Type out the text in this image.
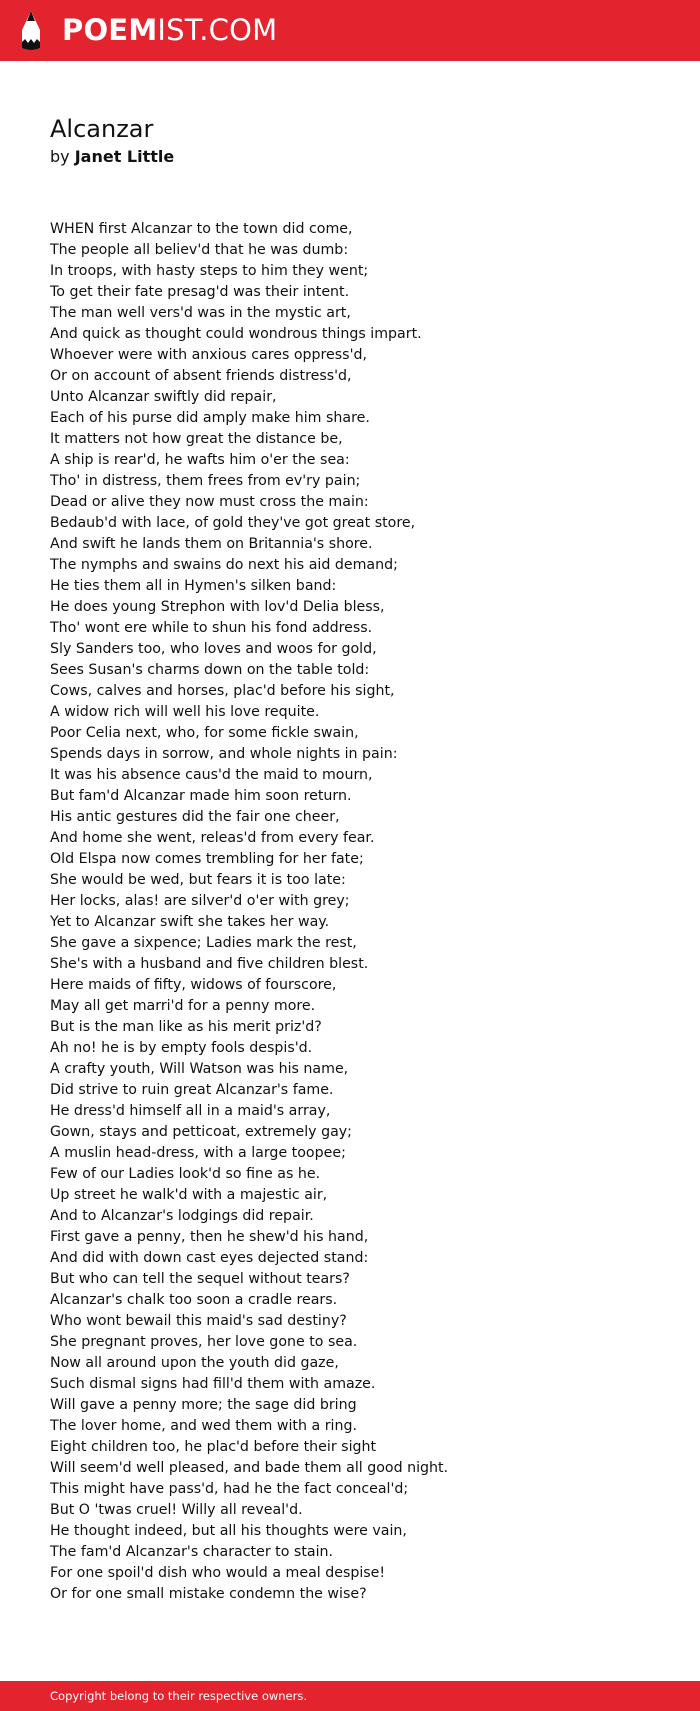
POEMIST.COM
Alcanzar
by Janet Little
WHEN first Alcanzar to the town did come,
The people all believ'd that he was dumb:
In troops, with hasty steps to him they went;
To get their fate presag'd was their intent.
The man well vers'd was in the mystic art,
And quick as thought could wondrous things impart.
Whoever were with anxious cares oppress'd,
Or on account of absent friends distress'd,
Unto Alcanzar swiftly did repair,
Each of his purse did amply make him share.
It matters not how great the distance be,
A ship is rear'd, he wafts him o'er the sea:
Tho' in distress, them frees from ev'ry pain;
Dead or alive they now must cross the main:
Bedaub'd with lace, of gold they've got great store,
And swift he lands them on Britannia's shore.
The nymphs and swains do next his aid demand;
He ties them all in Hymen's silken band:
He does young Strephon with lov'd Delia bless,
Tho' wont ere while to shun his fond address.
Sly Sanders too, who loves and woos for gold,
Sees Susan's charms down on the table told:
Cows, calves and horses, plac'd before his sight,
A widow rich will well his love requite.
Poor Celia next, who, for some fickle swain,
Spends days in sorrow, and whole nights in pain:
It was his absence caus'd the maid to mourn,
But fam'd Alcanzar made him soon return.
His antic gestures did the fair one cheer,
And home she went, releas'd from every fear.
Old Elspa now comes trembling for her fate;
She would be wed, but fears it is too late:
Her locks, alas! are silver'd o'er with grey;
Yet to Alcanzar swift she takes her way.
She gave a sixpence; Ladies mark the rest,
She's with a husband and five children blest.
Here maids of fifty, widows of fourscore,
May all get marri'd for a penny more.
But is the man like as his merit priz'd?
Ah no! he is by empty fools despis'd.
A crafty youth, Will Watson was his name,
Did strive to ruin great Alcanzar's fame.
He dress'd himself all in a maid's array,
Gown, stays and petticoat, extremely gay;
A muslin head-dress, with a large toopee;
Few of our Ladies look'd so fine as he.
Up street he walk'd with a majestic air,
And to Alcanzar's lodgings did repair.
First gave a penny, then he shew'd his hand,
And did with down cast eyes dejected stand:
But who can tell the sequel without tears?
Alcanzar's chalk too soon a cradle rears.
Who wont bewail this maid's sad destiny?
She pregnant proves, her love gone to sea.
Now all around upon the youth did gaze,
Such dismal signs had fill'd them with amaze.
Will gave a penny more; the sage did bring
The lover home, and wed them with a ring.
Eight children too, he plac'd before their sight
Will seem'd well pleased, and bade them all good night.
This might have pass'd, had he the fact conceal'd;
But O 'twas cruel! Willy all reveal'd.
He thought indeed, but all his thoughts were vain,
The fam'd Alcanzar's character to stain.
For one spoil'd dish who would a meal despise!
Or for one small mistake condemn the wise?
Copyright belong to their respective owners.
